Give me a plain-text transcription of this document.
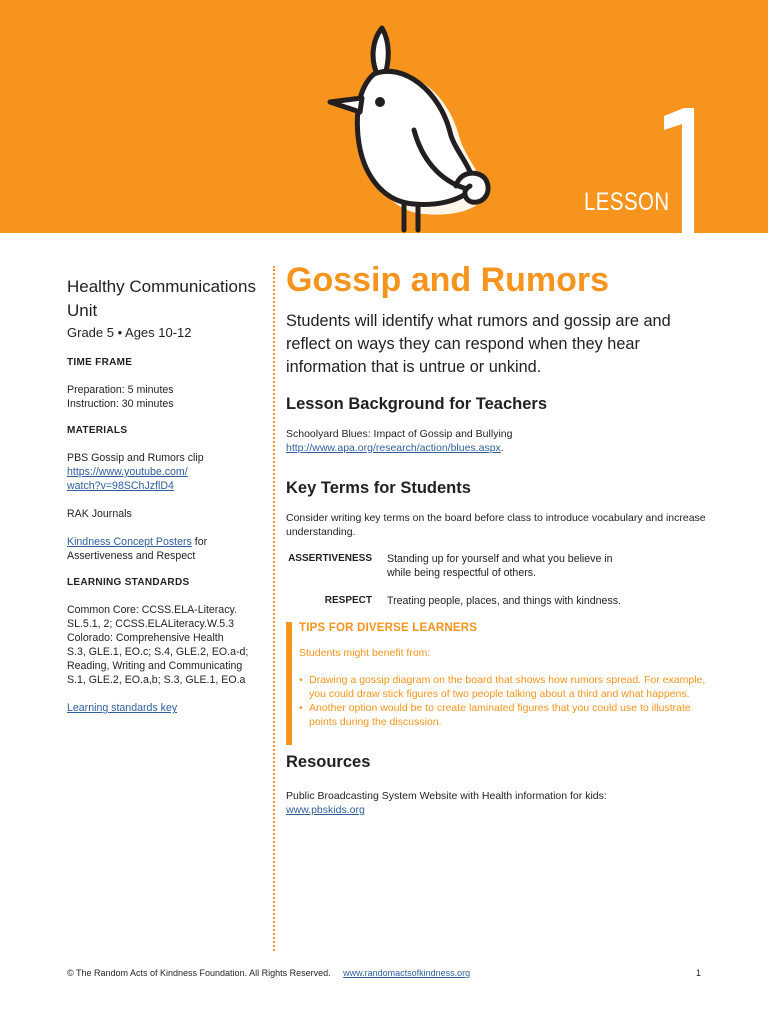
LESSON
Healthy Communications Unit
Grade 5 • Ages 10-12
TIME FRAME
Preparation: 5 minutes
Instruction: 30 minutes
MATERIALS
PBS Gossip and Rumors clip
https://www.youtube.com/
watch?v=98SChJzflD4
RAK Journals
Kindness Concept Posters for
Assertiveness and Respect
LEARNING STANDARDS
Common Core: CCSS.ELA-Literacy.
SL.5.1, 2; CCSS.ELALiteracy.W.5.3
Colorado: Comprehensive Health
S.3, GLE.1, EO.c; S.4, GLE.2, EO.a-d;
Reading, Writing and Communicating
S.1, GLE.2, EO.a,b; S.3, GLE.1, EO.a
Learning standards key
Gossip and Rumors

Students will identify what rumors and gossip are and reflect on ways they can respond when they hear information that is untrue or unkind.

Lesson Background for Teachers
Schoolyard Blues: Impact of Gossip and Bullying
http://www.apa.org/research/action/blues.aspx.
Key Terms for Students

Consider writing key terms on the board before class to introduce vocabulary and increase understanding.

ASSERTIVENESS	Standing up for yourself and what you believe in while being respectful of others.
RESPECT	Treating people, places, and things with kindness.
TIPS FOR DIVERSE LEARNERS
Students might benefit from:
• Drawing a gossip diagram on the board that shows how rumors spread. For example, you could draw stick figures of two people talking about a third and what happens.
• Another option would be to create laminated figures that you could use to illustrate points during the discussion.
Resources
Public Broadcasting System Website with Health information for kids:
www.pbskids.org
© The Random Acts of Kindness Foundation. All Rights Reserved. www.randomactsofkindness.org	1
